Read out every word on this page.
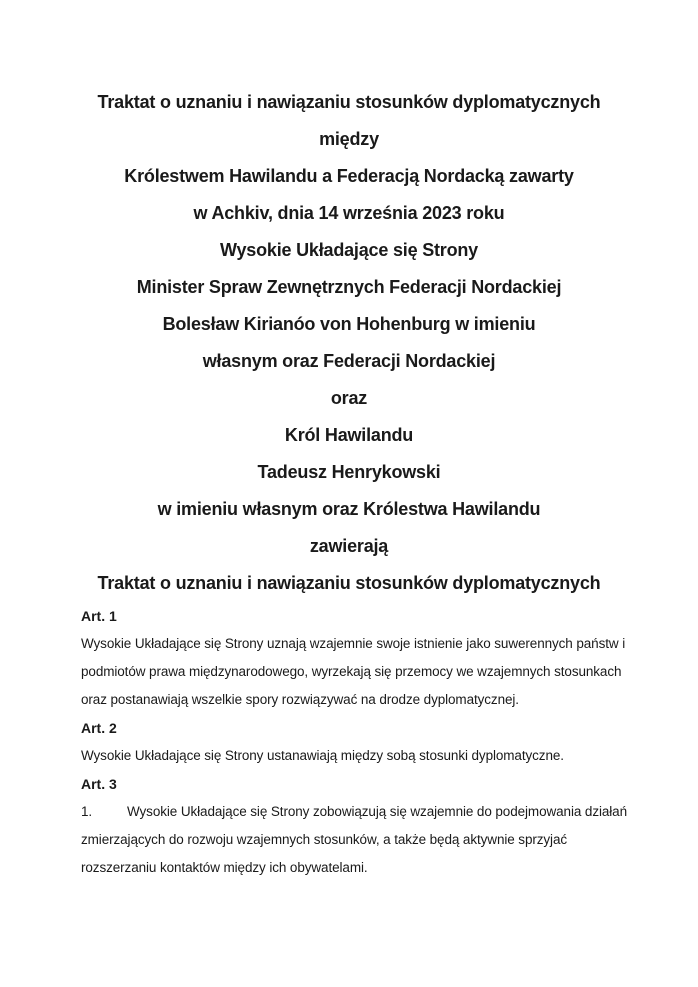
Traktat o uznaniu i nawiązaniu stosunków dyplomatycznych
między
Królestwem Hawilandu a Federacją Nordacką zawarty
w Achkiv, dnia 14 września 2023 roku
Wysokie Układające się Strony
Minister Spraw Zewnętrznych Federacji Nordackiej
Bolesław Kirianóo von Hohenburg w imieniu
własnym oraz Federacji Nordackiej
oraz
Król Hawilandu
Tadeusz Henrykowski
w imieniu własnym oraz Królestwa Hawilandu
zawierają
Traktat o uznaniu i nawiązaniu stosunków dyplomatycznych
Art. 1
Wysokie Układające się Strony uznają wzajemnie swoje istnienie jako suwerennych państw i
podmiotów prawa międzynarodowego, wyrzekają się przemocy we wzajemnych stosunkach
oraz postanawiają wszelkie spory rozwiązywać na drodze dyplomatycznej.
Art. 2
Wysokie Układające się Strony ustanawiają między sobą stosunki dyplomatyczne.
Art. 3
1.	Wysokie Układające się Strony zobowiązują się wzajemnie do podejmowania działań
zmierzających do rozwoju wzajemnych stosunków, a także będą aktywnie sprzyjać
rozszerzaniu kontaktów między ich obywatelami.
